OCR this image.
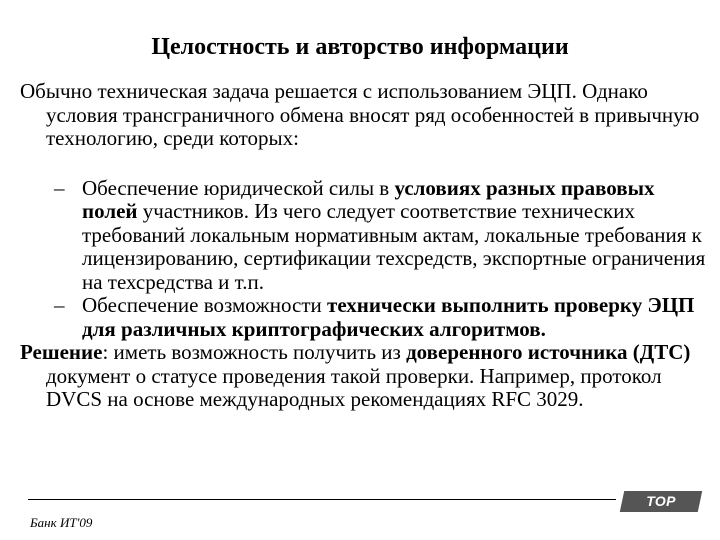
Целостность и авторство информации

Обычно техническая задача решается с использованием ЭЦП. Однако условия трансграничного обмена вносят ряд особенностей в привычную технологию, среди которых:

– Обеспечение юридической силы в условиях разных правовых полей участников. Из чего следует соответствие технических требований локальным нормативным актам, локальные требования к лицензированию, сертификации техсредств, экспортные ограничения на техсредства и т.п.
– Обеспечение возможности технически выполнить проверку ЭЦП для различных криптографических алгоритмов.

Решение: иметь возможность получить из доверенного источника (ДТС) документ о статусе проведения такой проверки. Например, протокол DVCS на основе международных рекомендациях RFC 3029.

Банк ИТ'09
TOP CROSS
